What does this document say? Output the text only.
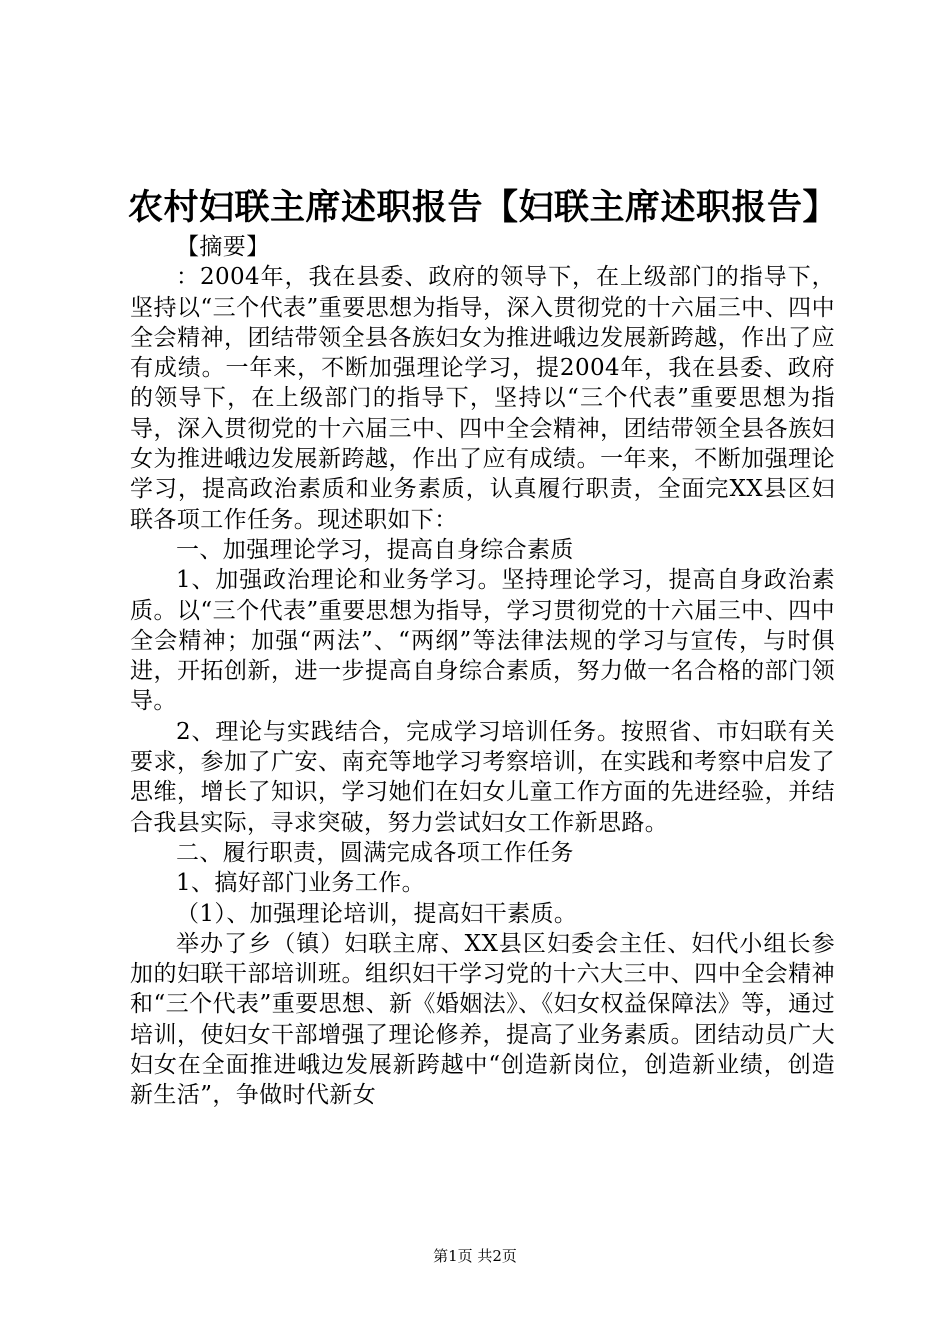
农村妇联主席述职报告【妇联主席述职报告】

【摘要】

：2004年，我在县委、政府的领导下，在上级部门的指导下，坚持以“三个代表”重要思想为指导，深入贯彻党的十六届三中、四中全会精神，团结带领全县各族妇女为推进峨边发展新跨越，作出了应有成绩。一年来，不断加强理论学习，提2004年，我在县委、政府的领导下，在上级部门的指导下，坚持以“三个代表”重要思想为指导，深入贯彻党的十六届三中、四中全会精神，团结带领全县各族妇女为推进峨边发展新跨越，作出了应有成绩。一年来，不断加强理论学习，提高政治素质和业务素质，认真履行职责，全面完XX县区妇联各项工作任务。现述职如下：

一、加强理论学习，提高自身综合素质

1、加强政治理论和业务学习。坚持理论学习，提高自身政治素质。以“三个代表”重要思想为指导，学习贯彻党的十六届三中、四中全会精神；加强“两法”、“两纲”等法律法规的学习与宣传，与时俱进，开拓创新，进一步提高自身综合素质，努力做一名合格的部门领导。

2、理论与实践结合，完成学习培训任务。按照省、市妇联有关要求，参加了广安、南充等地学习考察培训，在实践和考察中启发了思维，增长了知识，学习她们在妇女儿童工作方面的先进经验，并结合我县实际，寻求突破，努力尝试妇女工作新思路。

二、履行职责，圆满完成各项工作任务

1、搞好部门业务工作。

（1）、加强理论培训，提高妇干素质。

举办了乡（镇）妇联主席、XX县区妇委会主任、妇代小组长参加的妇联干部培训班。组织妇干学习党的十六大三中、四中全会精神和“三个代表”重要思想、新《婚姻法》、《妇女权益保障法》等，通过培训，使妇女干部增强了理论修养，提高了业务素质。团结动员广大妇女在全面推进峨边发展新跨越中“创造新岗位，创造新业绩，创造新生活”，争做时代新女

第1页 共2页
